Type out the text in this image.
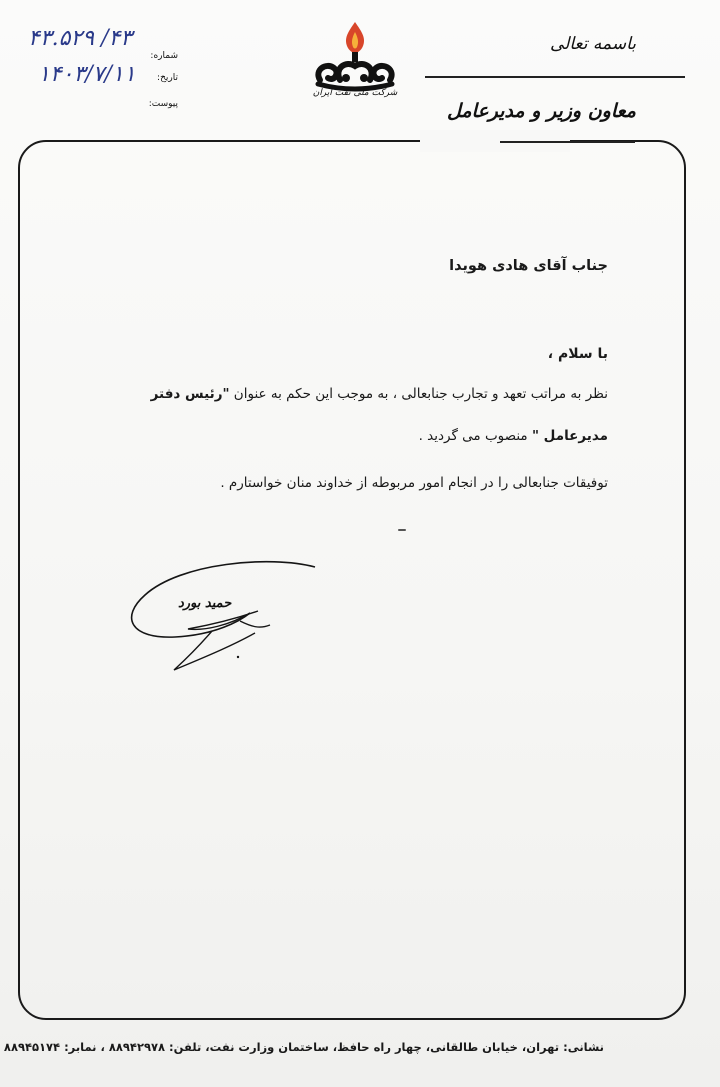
باسمه تعالی
معاون وزیر و مدیرعامل
شرکت ملی نفت ایران
شماره:
تاریخ:
پیوست:
۴۳.۵۲۹ /۴۳
۱۴۰۳/۷/۱۱
جناب آقای هادی هویدا
با سلام ،
نظر به مراتب تعهد و تجارب جنابعالی ، به موجب این حکم به عنوان "رئیس دفتر
مدیرعامل " منصوب می گردید .
توفیقات جنابعالی را در انجام امور مربوطه از خداوند منان خواستارم .
حمید بورد
نشانی: تهران، خیابان طالقانی، چهار راه حافظ، ساختمان وزارت نفت، تلفن: ۸۸۹۴۲۹۷۸ ، نمابر: ۸۸۹۴۵۱۷۴
